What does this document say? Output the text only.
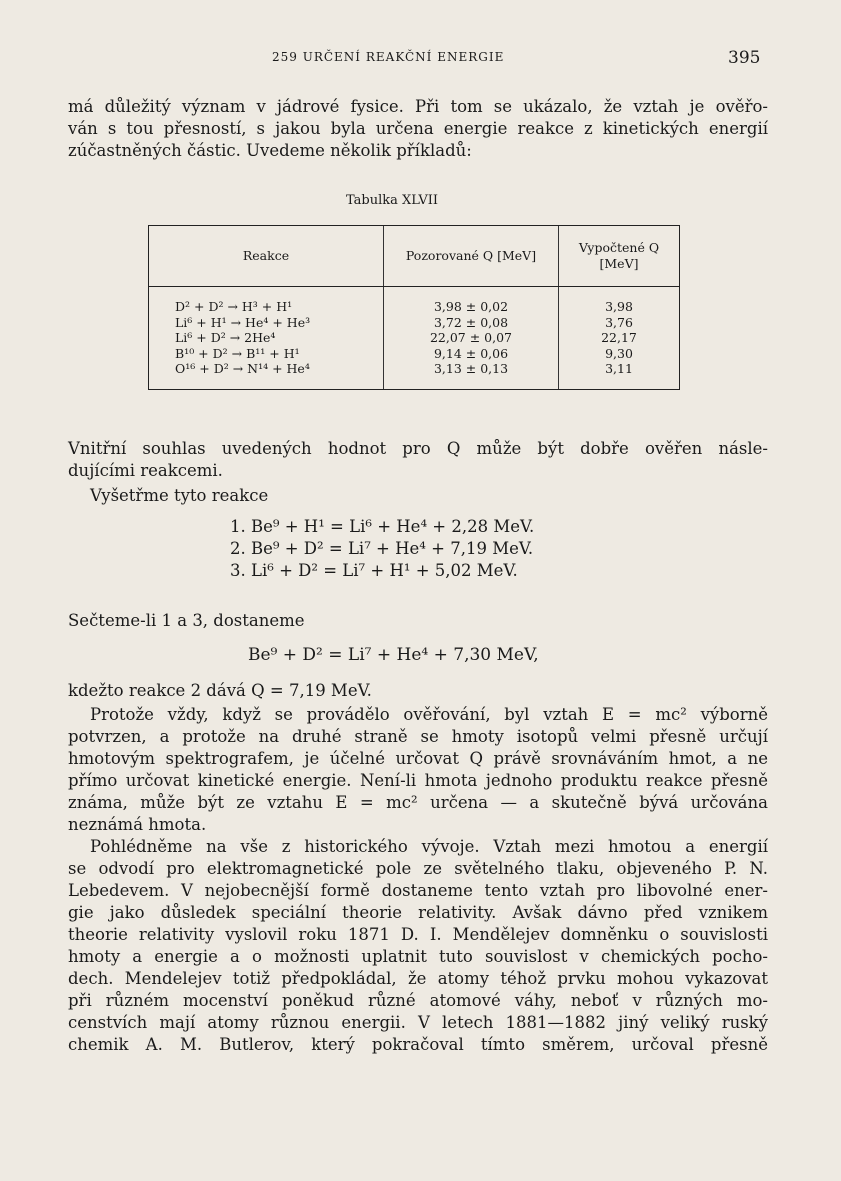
259 URČENÍ REAKČNÍ ENERGIE	395
má důležitý význam v jádrové fysice. Při tom se ukázalo, že vztah je ověřo-
ván s tou přesností, s jakou byla určena energie reakce z kinetických energií
zúčastněných částic. Uvedeme několik příkladů:
Tabulka XLVII
Reakce	Pozorované Q [MeV]	Vypočtené Q [MeV]
D² + D² → H³ + H¹	3,98 ± 0,02	3,98
Li⁶ + H¹ → He⁴ + He³	3,72 ± 0,08	3,76
Li⁶ + D² → 2He⁴	22,07 ± 0,07	22,17
B¹⁰ + D² → B¹¹ + H¹	9,14 ± 0,06	9,30
O¹⁶ + D² → N¹⁴ + He⁴	3,13 ± 0,13	3,11
Vnitřní souhlas uvedených hodnot pro Q může být dobře ověřen násle-
dujícími reakcemi.
Vyšetřme tyto reakce
1. Be⁹ + H¹ = Li⁶ + He⁴ + 2,28 MeV.
2. Be⁹ + D² = Li⁷ + He⁴ + 7,19 MeV.
3. Li⁶ + D² = Li⁷ + H¹ + 5,02 MeV.
Sečteme-li 1 a 3, dostaneme
Be⁹ + D² = Li⁷ + He⁴ + 7,30 MeV,
kdežto reakce 2 dává Q = 7,19 MeV.
Protože vždy, když se provádělo ověřování, byl vztah E = mc² výborně
potvrzen, a protože na druhé straně se hmoty isotopů velmi přesně určují
hmotovým spektrografem, je účelné určovat Q právě srovnáváním hmot, a ne
přímo určovat kinetické energie. Není-li hmota jednoho produktu reakce přesně
známa, může být ze vztahu E = mc² určena — a skutečně bývá určována
neznámá hmota.
Pohlédněme na vše z historického vývoje. Vztah mezi hmotou a energií
se odvodí pro elektromagnetické pole ze světelného tlaku, objeveného P. N.
Lebedevem. V nejobecnější formě dostaneme tento vztah pro libovolné ener-
gie jako důsledek speciální theorie relativity. Avšak dávno před vznikem
theorie relativity vyslovil roku 1871 D. I. Mendělejev domněnku o souvislosti
hmoty a energie a o možnosti uplatnit tuto souvislost v chemických pocho-
dech. Mendelejev totiž předpokládal, že atomy téhož prvku mohou vykazovat
při různém mocenství poněkud různé atomové váhy, neboť v různých mo-
censtvích mají atomy různou energii. V letech 1881—1882 jiný veliký ruský
chemik A. M. Butlerov, který pokračoval tímto směrem, určoval přesně
